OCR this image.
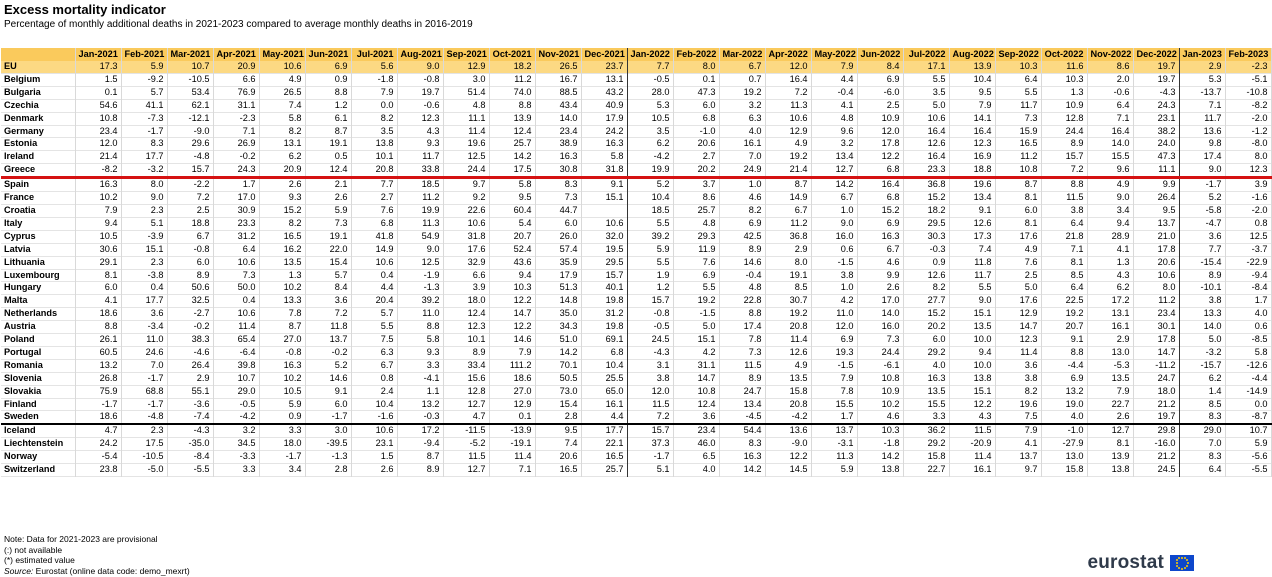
Excess mortality indicator
Percentage of monthly additional deaths in 2021-2023 compared to average monthly deaths in 2016-2019
	Jan-2021	Feb-2021	Mar-2021	Apr-2021	May-2021	Jun-2021	Jul-2021	Aug-2021	Sep-2021	Oct-2021	Nov-2021	Dec-2021	Jan-2022	Feb-2022	Mar-2022	Apr-2022	May-2022	Jun-2022	Jul-2022	Aug-2022	Sep-2022	Oct-2022	Nov-2022	Dec-2022	Jan-2023	Feb-2023
EU	17.3	5.9	10.7	20.9	10.6	6.9	5.6	9.0	12.9	18.2	26.5	23.7	7.7	8.0	6.7	12.0	7.9	8.4	17.1	13.9	10.3	11.6	8.6	19.7	2.9	-2.3
Belgium	1.5	-9.2	-10.5	6.6	4.9	0.9	-1.8	-0.8	3.0	11.2	16.7	13.1	-0.5	0.1	0.7	16.4	4.4	6.9	5.5	10.4	6.4	10.3	2.0	19.7	5.3	-5.1
Bulgaria	0.1	5.7	53.4	76.9	26.5	8.8	7.9	19.7	51.4	74.0	88.5	43.2	28.0	47.3	19.2	7.2	-0.4	-6.0	3.5	9.5	5.5	1.3	-0.6	-4.3	-13.7	-10.8
Czechia	54.6	41.1	62.1	31.1	7.4	1.2	0.0	-0.6	4.8	8.8	43.4	40.9	5.3	6.0	3.2	11.3	4.1	2.5	5.0	7.9	11.7	10.9	6.4	24.3	7.1	-8.2
Denmark	10.8	-7.3	-12.1	-2.3	5.8	6.1	8.2	12.3	11.1	13.9	14.0	17.9	10.5	6.8	6.3	10.6	4.8	10.9	10.6	14.1	7.3	12.8	7.1	23.1	11.7	-2.0
Germany	23.4	-1.7	-9.0	7.1	8.2	8.7	3.5	4.3	11.4	12.4	23.4	24.2	3.5	-1.0	4.0	12.9	9.6	12.0	16.4	16.4	15.9	24.4	16.4	38.2	13.6	-1.2
Estonia	12.0	8.3	29.6	26.9	13.1	19.1	13.8	9.3	19.6	25.7	38.9	16.3	6.2	20.6	16.1	4.9	3.2	17.8	12.6	12.3	16.5	8.9	14.0	24.0	9.8	-8.0
Ireland	21.4	17.7	-4.8	-0.2	6.2	0.5	10.1	11.7	12.5	14.2	16.3	5.8	-4.2	2.7	7.0	19.2	13.4	12.2	16.4	16.9	11.2	15.7	15.5	47.3	17.4	8.0
Greece	-8.2	-3.2	15.7	24.3	20.9	12.4	20.8	33.8	24.4	17.5	30.8	31.8	19.9	20.2	24.9	21.4	12.7	6.8	23.3	18.8	10.8	7.2	9.6	11.1	9.0	12.3
Spain	16.3	8.0	-2.2	1.7	2.6	2.1	7.7	18.5	9.7	5.8	8.3	9.1	5.2	3.7	1.0	8.7	14.2	16.4	36.8	19.6	8.7	8.8	4.9	9.9	-1.7	3.9
France	10.2	9.0	7.2	17.0	9.3	2.6	2.7	11.2	9.2	9.5	7.3	15.1	10.4	8.6	4.6	14.9	6.7	6.8	15.2	13.4	8.1	11.5	9.0	26.4	5.2	-1.6
Croatia	7.9	2.3	2.5	30.9	15.2	5.9	7.6	19.9	22.6	60.4	44.7		18.5	25.7	8.2	6.7	1.0	15.2	18.2	9.1	6.0	3.8	3.4	9.5	-5.8	-2.0
Italy	9.4	5.1	18.8	23.3	8.2	7.3	6.8	11.3	10.6	5.4	6.0	10.6	5.5	4.8	6.9	11.2	9.0	6.9	29.5	12.6	8.1	6.4	9.4	13.7	-4.7	0.8
Cyprus	10.5	-3.9	6.7	31.2	16.5	19.1	41.8	54.9	31.8	20.7	26.0	32.0	39.2	29.3	42.5	36.8	16.0	16.3	30.3	17.3	17.6	21.8	28.9	21.0	3.6	12.5
Latvia	30.6	15.1	-0.8	6.4	16.2	22.0	14.9	9.0	17.6	52.4	57.4	19.5	5.9	11.9	8.9	2.9	0.6	6.7	-0.3	7.4	4.9	7.1	4.1	17.8	7.7	-3.7
Lithuania	29.1	2.3	6.0	10.6	13.5	15.4	10.6	12.5	32.9	43.6	35.9	29.5	5.5	7.6	14.6	8.0	-1.5	4.6	0.9	11.8	7.6	8.1	1.3	20.6	-15.4	-22.9
Luxembourg	8.1	-3.8	8.9	7.3	1.3	5.7	0.4	-1.9	6.6	9.4	17.9	15.7	1.9	6.9	-0.4	19.1	3.8	9.9	12.6	11.7	2.5	8.5	4.3	10.6	8.9	-9.4
Hungary	6.0	0.4	50.6	50.0	10.2	8.4	4.4	-1.3	3.9	10.3	51.3	40.1	1.2	5.5	4.8	8.5	1.0	2.6	8.2	5.5	5.0	6.4	6.2	8.0	-10.1	-8.4
Malta	4.1	17.7	32.5	0.4	13.3	3.6	20.4	39.2	18.0	12.2	14.8	19.8	15.7	19.2	22.8	30.7	4.2	17.0	27.7	9.0	17.6	22.5	17.2	11.2	3.8	1.7
Netherlands	18.6	3.6	-2.7	10.6	7.8	7.2	5.7	11.0	12.4	14.7	35.0	31.2	-0.8	-1.5	8.8	19.2	11.0	14.0	15.2	15.1	12.9	19.2	13.1	23.4	13.3	4.0
Austria	8.8	-3.4	-0.2	11.4	8.7	11.8	5.5	8.8	12.3	12.2	34.3	19.8	-0.5	5.0	17.4	20.8	12.0	16.0	20.2	13.5	14.7	20.7	16.1	30.1	14.0	0.6
Poland	26.1	11.0	38.3	65.4	27.0	13.7	7.5	5.8	10.1	14.6	51.0	69.1	24.5	15.1	7.8	11.4	6.9	7.3	6.0	10.0	12.3	9.1	2.9	17.8	5.0	-8.5
Portugal	60.5	24.6	-4.6	-6.4	-0.8	-0.2	6.3	9.3	8.9	7.9	14.2	6.8	-4.3	4.2	7.3	12.6	19.3	24.4	29.2	9.4	11.4	8.8	13.0	14.7	-3.2	5.8
Romania	13.2	7.0	26.4	39.8	16.3	5.2	6.7	3.3	33.4	111.2	70.1	10.4	3.1	31.1	11.5	4.9	-1.5	-6.1	4.0	10.0	3.6	-4.4	-5.3	-11.2	-15.7	-12.6
Slovenia	26.8	-1.7	2.9	10.7	10.2	14.6	0.8	-4.1	15.6	18.6	50.5	25.5	3.8	14.7	8.9	13.5	7.9	10.8	16.3	13.8	3.8	6.9	13.5	24.7	6.2	-4.4
Slovakia	75.9	68.8	55.1	29.0	10.5	9.1	2.4	1.1	12.8	27.0	73.0	65.0	12.0	10.8	24.7	15.8	7.8	10.9	13.5	15.1	8.2	13.2	7.9	18.0	1.4	-14.9
Finland	-1.7	-1.7	-3.6	-0.5	5.9	6.0	10.4	13.2	12.7	12.9	15.4	16.1	11.5	12.4	13.4	20.8	15.5	10.2	15.5	12.2	19.6	19.0	22.7	21.2	8.5	0.0
Sweden	18.6	-4.8	-7.4	-4.2	0.9	-1.7	-1.6	-0.3	4.7	0.1	2.8	4.4	7.2	3.6	-4.5	-4.2	1.7	4.6	3.3	4.3	7.5	4.0	2.6	19.7	8.3	-8.7
Iceland	4.7	2.3	-4.3	3.2	3.3	3.0	10.6	17.2	-11.5	-13.9	9.5	17.7	15.7	23.4	54.4	13.6	13.7	10.3	36.2	11.5	7.9	-1.0	12.7	29.8	29.0	10.7
Liechtenstein	24.2	17.5	-35.0	34.5	18.0	-39.5	23.1	-9.4	-5.2	-19.1	7.4	22.1	37.3	46.0	8.3	-9.0	-3.1	-1.8	29.2	-20.9	4.1	-27.9	8.1	-16.0	7.0	5.9
Norway	-5.4	-10.5	-8.4	-3.3	-1.7	-1.3	1.5	8.7	11.5	11.4	20.6	16.5	-1.7	6.5	16.3	12.2	11.3	14.2	15.8	11.4	13.7	13.0	13.9	21.2	8.3	-5.6
Switzerland	23.8	-5.0	-5.5	3.3	3.4	2.8	2.6	8.9	12.7	7.1	16.5	25.7	5.1	4.0	14.2	14.5	5.9	13.8	22.7	16.1	9.7	15.8	13.8	24.5	6.4	-5.5
Note: Data for 2021-2023 are provisional
(:) not available
(*) estimated value
Source: Eurostat (online data code: demo_mexrt)	eurostat
